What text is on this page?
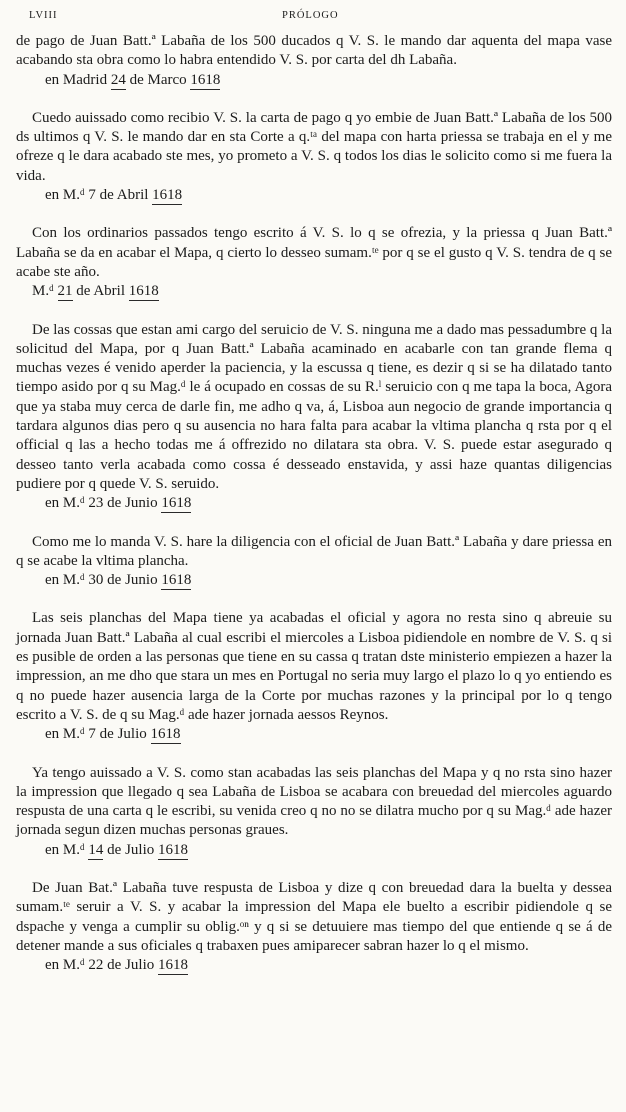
LVIII	PRÓLOGO
de pago de Juan Batt.ª Labaña de los 500 ducados q V. S. le mando dar aquenta del mapa vase acabando sta obra como lo habra entendido V. S. por carta del dh Labaña.
en Madrid 24 de Marco 1618
Cuedo auissado como recibio V. S. la carta de pago q yo embie de Juan Batt.ª Labaña de los 500 ds ultimos q V. S. le mando dar en sta Corte a q.ᵗᵃ del mapa con harta priessa se trabaja en el y me ofreze q le dara acabado ste mes, yo prometo a V. S. q todos los dias le solicito como si me fuera la vida.
en M.ᵈ 7 de Abril 1618
Con los ordinarios passados tengo escrito á V. S. lo q se ofrezia, y la priessa q Juan Batt.ª Labaña se da en acabar el Mapa, q cierto lo desseo sumam.ᵗᵉ por q se el gusto q V. S. tendra de q se acabe ste año.
M.ᵈ 21 de Abril 1618
De las cossas que estan ami cargo del seruicio de V. S. ninguna me a dado mas pessadumbre q la solicitud del Mapa, por q Juan Batt.ª Labaña acaminado en acabarle con tan grande flema q muchas vezes é venido aperder la paciencia, y la escussa q tiene, es dezir q si se ha dilatado tanto tiempo asido por q su Mag.ᵈ le á ocupado en cossas de su R.ˡ seruicio con q me tapa la boca, Agora que ya staba muy cerca de darle fin, me adho q va, á, Lisboa aun negocio de grande importancia q tardara algunos dias pero q su ausencia no hara falta para acabar la vltima plancha q rsta por q el official q las a hecho todas me á offrezido no dilatara sta obra. V. S. puede estar asegurado q desseo tanto verla acabada como cossa é desseado enstavida, y assi haze quantas diligencias pudiere por q quede V. S. seruido.
en M.ᵈ 23 de Junio 1618
Como me lo manda V. S. hare la diligencia con el oficial de Juan Batt.ª Labaña y dare priessa en q se acabe la vltima plancha.
en M.ᵈ 30 de Junio 1618
Las seis planchas del Mapa tiene ya acabadas el oficial y agora no resta sino q abreuie su jornada Juan Batt.ª Labaña al cual escribi el miercoles a Lisboa pidiendole en nombre de V. S. q si es pusible de orden a las personas que tiene en su cassa q tratan dste ministerio empiezen a hazer la impression, an me dho que stara un mes en Portugal no seria muy largo el plazo lo q yo entiendo es q no puede hazer ausencia larga de la Corte por muchas razones y la principal por lo q tengo escrito a V. S. de q su Mag.ᵈ ade hazer jornada aessos Reynos.
en M.ᵈ 7 de Julio 1618
Ya tengo auissado a V. S. como stan acabadas las seis planchas del Mapa y q no rsta sino hazer la impression que llegado q sea Labaña de Lisboa se acabara con breuedad del miercoles aguardo respusta de una carta q le escribi, su venida creo q no no se dilatra mucho por q su Mag.ᵈ ade hazer jornada segun dizen muchas personas graues.
en M.ᵈ 14 de Julio 1618
De Juan Bat.ª Labaña tuve respusta de Lisboa y dize q con breuedad dara la buelta y dessea sumam.ᵗᵉ seruir a V. S. y acabar la impression del Mapa ele buelto a escribir pidiendole q se dspache y venga a cumplir su oblig.ᵒⁿ y q si se detuuiere mas tiempo del que entiende q se á de detener mande a sus oficiales q trabaxen pues amiparecer sabran hazer lo q el mismo.
en M.ᵈ 22 de Julio 1618
